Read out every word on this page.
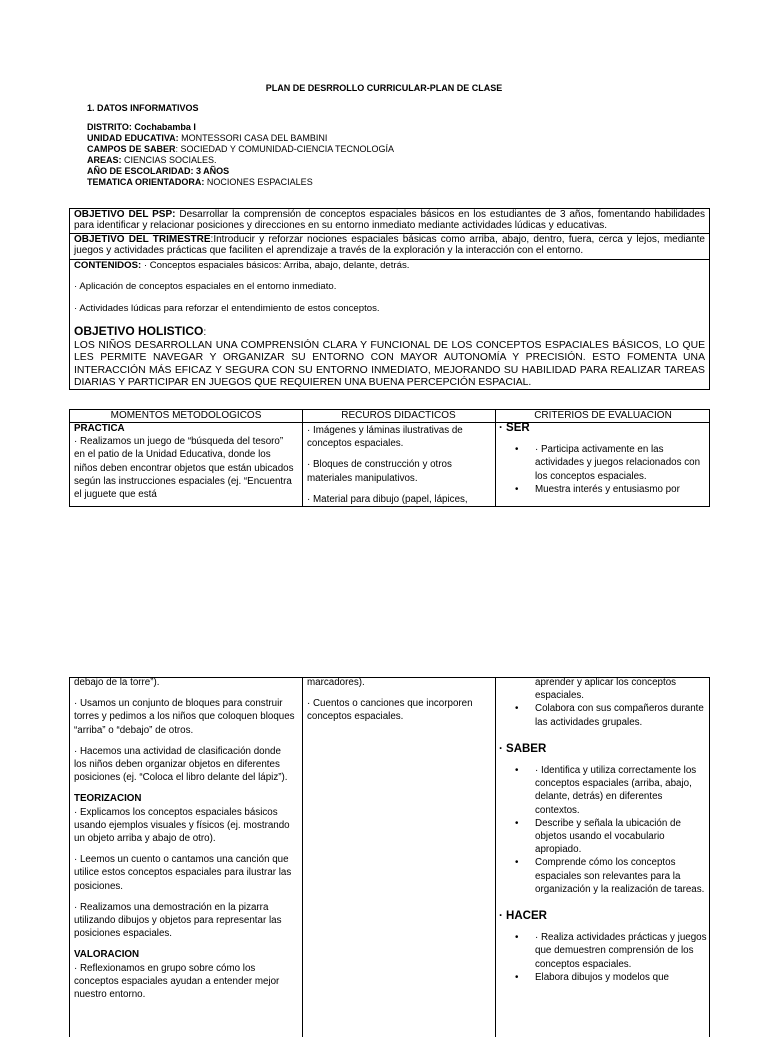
PLAN DE DESRROLLO CURRICULAR-PLAN DE CLASE
1. DATOS INFORMATIVOS
DISTRITO: Cochabamba I
UNIDAD EDUCATIVA: MONTESSORI CASA DEL BAMBINI
CAMPOS DE SABER: SOCIEDAD Y COMUNIDAD-CIENCIA TECNOLOGÍA
AREAS: CIENCIAS SOCIALES.
AÑO DE ESCOLARIDAD: 3 AÑOS
TEMATICA ORIENTADORA: NOCIONES ESPACIALES
OBJETIVO DEL PSP: Desarrollar la comprensión de conceptos espaciales básicos en los estudiantes de 3 años, fomentando habilidades para identificar y relacionar posiciones y direcciones en su entorno inmediato mediante actividades lúdicas y educativas.
OBJETIVO DEL TRIMESTRE:Introducir y reforzar nociones espaciales básicas como arriba, abajo, dentro, fuera, cerca y lejos, mediante juegos y actividades prácticas que faciliten el aprendizaje a través de la exploración y la interacción con el entorno.
CONTENIDOS: · Conceptos espaciales básicos: Arriba, abajo, delante, detrás.
· Aplicación de conceptos espaciales en el entorno inmediato.
· Actividades lúdicas para reforzar el entendimiento de estos conceptos.
OBJETIVO HOLISTICO:
LOS NIÑOS DESARROLLAN UNA COMPRENSIÓN CLARA Y FUNCIONAL DE LOS CONCEPTOS ESPACIALES BÁSICOS, LO QUE LES PERMITE NAVEGAR Y ORGANIZAR SU ENTORNO CON MAYOR AUTONOMÍA Y PRECISIÓN. ESTO FOMENTA UNA INTERACCIÓN MÁS EFICAZ Y SEGURA CON SU ENTORNO INMEDIATO, MEJORANDO SU HABILIDAD PARA REALIZAR TAREAS DIARIAS Y PARTICIPAR EN JUEGOS QUE REQUIEREN UNA BUENA PERCEPCIÓN ESPACIAL.
MOMENTOS METODOLOGICOS	RECUROS DIDACTICOS	CRITERIOS DE EVALUACION
PRACTICA
· Realizamos un juego de “búsqueda del tesoro” en el patio de la Unidad Educativa, donde los niños deben encontrar objetos que están ubicados según las instrucciones espaciales (ej. “Encuentra el juguete que está
· Imágenes y láminas ilustrativas de conceptos espaciales.
· Bloques de construcción y otros materiales manipulativos.
· Material para dibujo (papel, lápices,
· SER
• · Participa activamente en las actividades y juegos relacionados con los conceptos espaciales.
• Muestra interés y entusiasmo por
debajo de la torre”).
· Usamos un conjunto de bloques para construir torres y pedimos a los niños que coloquen bloques “arriba” o “debajo” de otros.
· Hacemos una actividad de clasificación donde los niños deben organizar objetos en diferentes posiciones (ej. “Coloca el libro delante del lápiz”).
TEORIZACION
· Explicamos los conceptos espaciales básicos usando ejemplos visuales y físicos (ej. mostrando un objeto arriba y abajo de otro).
· Leemos un cuento o cantamos una canción que utilice estos conceptos espaciales para ilustrar las posiciones.
· Realizamos una demostración en la pizarra utilizando dibujos y objetos para representar las posiciones espaciales.
VALORACION
· Reflexionamos en grupo sobre cómo los conceptos espaciales ayudan a entender mejor nuestro entorno.
marcadores).
· Cuentos o canciones que incorporen conceptos espaciales.
aprender y aplicar los conceptos espaciales.
• Colabora con sus compañeros durante las actividades grupales.
· SABER
• · Identifica y utiliza correctamente los conceptos espaciales (arriba, abajo, delante, detrás) en diferentes contextos.
• Describe y señala la ubicación de objetos usando el vocabulario apropiado.
• Comprende cómo los conceptos espaciales son relevantes para la organización y la realización de tareas.
· HACER
• · Realiza actividades prácticas y juegos que demuestren comprensión de los conceptos espaciales.
• Elabora dibujos y modelos que
